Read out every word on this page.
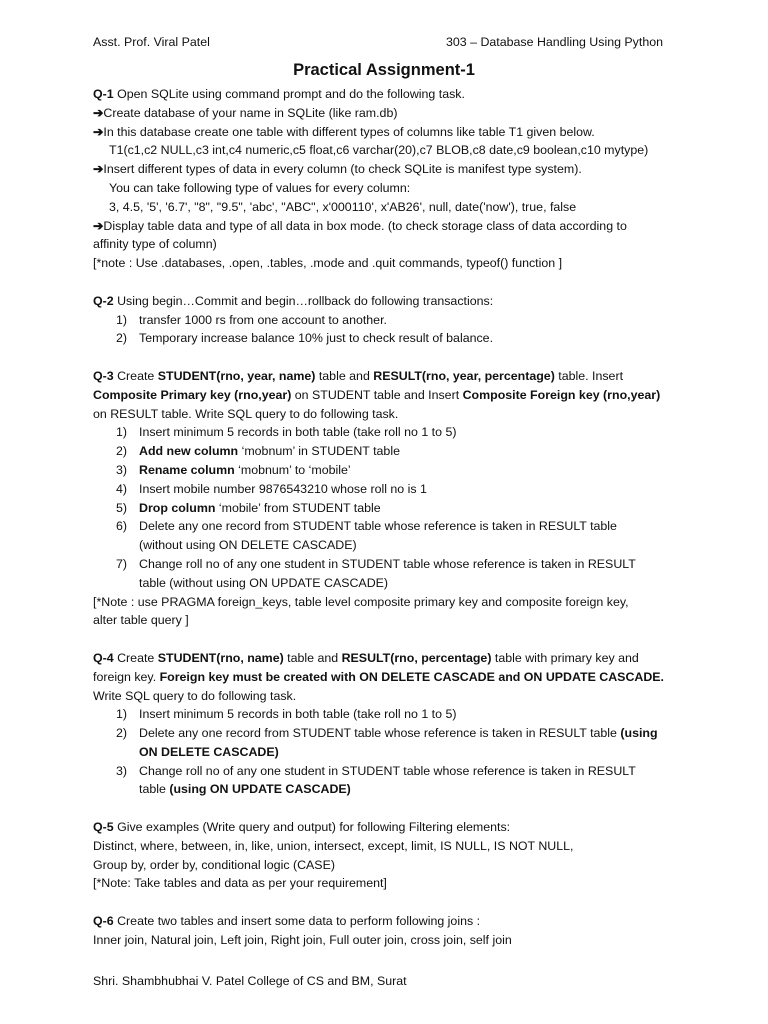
Asst. Prof. Viral Patel	303 – Database Handling Using Python
Practical Assignment-1
Q-1 Open SQLite using command prompt and do the following task.
➔Create database of your name in SQLite (like ram.db)
➔In this database create one table with different types of columns like table T1 given below.
T1(c1,c2 NULL,c3 int,c4 numeric,c5 float,c6 varchar(20),c7 BLOB,c8 date,c9 boolean,c10 mytype)
➔Insert different types of data in every column (to check SQLite is manifest type system).
You can take following type of values for every column:
3, 4.5, '5', '6.7', "8", "9.5", 'abc', "ABC", x'000110', x'AB26', null, date('now'), true, false
➔Display table data and type of all data in box mode. (to check storage class of data according to
affinity type of column)
[*note : Use .databases, .open, .tables, .mode and .quit commands, typeof() function ]
Q-2 Using begin…Commit and begin…rollback do following transactions:
1) transfer 1000 rs from one account to another.
2) Temporary increase balance 10% just to check result of balance.
Q-3 Create STUDENT(rno, year, name) table and RESULT(rno, year, percentage) table. Insert
Composite Primary key (rno,year) on STUDENT table and Insert Composite Foreign key (rno,year)
on RESULT table. Write SQL query to do following task.
1) Insert minimum 5 records in both table (take roll no 1 to 5)
2) Add new column ‘mobnum’ in STUDENT table
3) Rename column ‘mobnum’ to ‘mobile’
4) Insert mobile number 9876543210 whose roll no is 1
5) Drop column ‘mobile’ from STUDENT table
6) Delete any one record from STUDENT table whose reference is taken in RESULT table
(without using ON DELETE CASCADE)
7) Change roll no of any one student in STUDENT table whose reference is taken in RESULT
table (without using ON UPDATE CASCADE)
[*Note : use PRAGMA foreign_keys, table level composite primary key and composite foreign key,
alter table query ]
Q-4 Create STUDENT(rno, name) table and RESULT(rno, percentage) table with primary key and
foreign key. Foreign key must be created with ON DELETE CASCADE and ON UPDATE CASCADE.
Write SQL query to do following task.
1) Insert minimum 5 records in both table (take roll no 1 to 5)
2) Delete any one record from STUDENT table whose reference is taken in RESULT table (using
ON DELETE CASCADE)
3) Change roll no of any one student in STUDENT table whose reference is taken in RESULT
table (using ON UPDATE CASCADE)
Q-5 Give examples (Write query and output) for following Filtering elements:
Distinct, where, between, in, like, union, intersect, except, limit, IS NULL, IS NOT NULL,
Group by, order by, conditional logic (CASE)
[*Note: Take tables and data as per your requirement]
Q-6 Create two tables and insert some data to perform following joins :
Inner join, Natural join, Left join, Right join, Full outer join, cross join, self join
Shri. Shambhubhai V. Patel College of CS and BM, Surat
